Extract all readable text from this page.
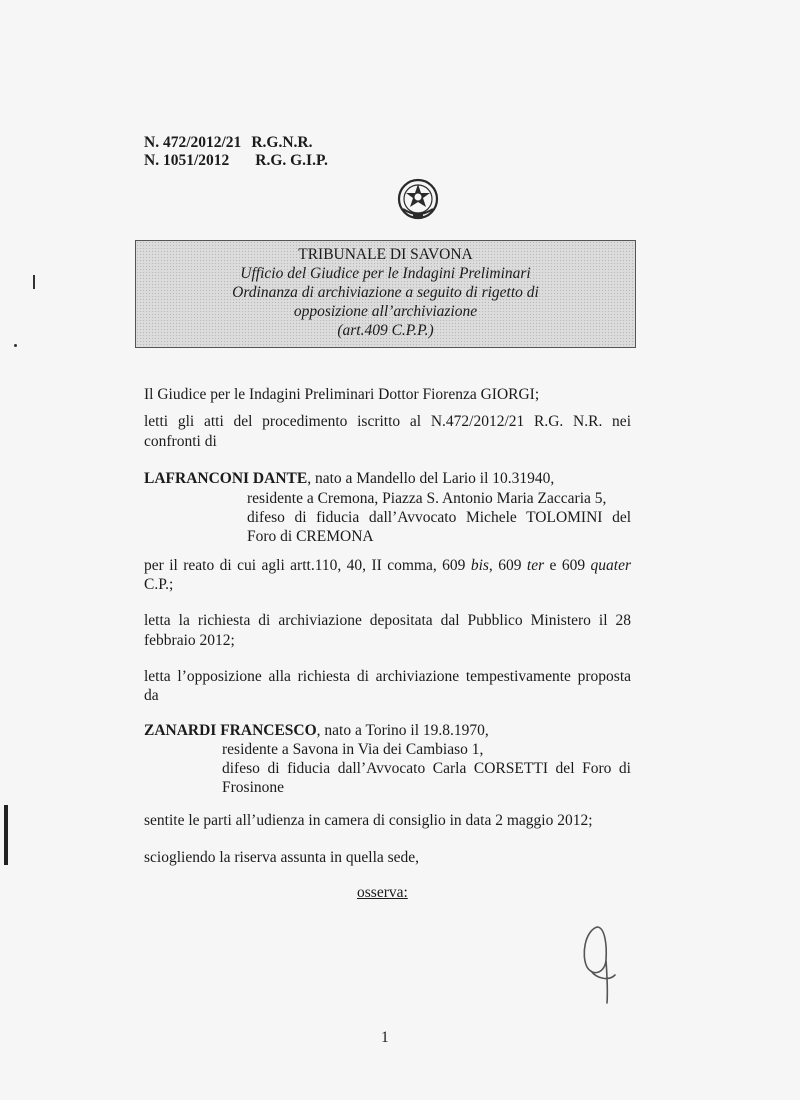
N. 472/2012/21 R.G.N.R.
N. 1051/2012 R.G. G.I.P.
TRIBUNALE DI SAVONA
Ufficio del Giudice per le Indagini Preliminari
Ordinanza di archiviazione a seguito di rigetto di
opposizione all’archiviazione
(art.409 C.P.P.)
Il Giudice per le Indagini Preliminari Dottor Fiorenza GIORGI;
letti gli atti del procedimento iscritto al N.472/2012/21 R.G. N.R. nei
confronti di
LAFRANCONI DANTE, nato a Mandello del Lario il 10.31940,
residente a Cremona, Piazza S. Antonio Maria Zaccaria 5,
difeso di fiducia dall’Avvocato Michele TOLOMINI del
Foro di CREMONA
per il reato di cui agli artt.110, 40, II comma, 609 bis, 609 ter e 609 quater
C.P.;
letta la richiesta di archiviazione depositata dal Pubblico Ministero il 28
febbraio 2012;
letta l’opposizione alla richiesta di archiviazione tempestivamente proposta
da
ZANARDI FRANCESCO, nato a Torino il 19.8.1970,
residente a Savona in Via dei Cambiaso 1,
difeso di fiducia dall’Avvocato Carla CORSETTI del Foro di
Frosinone
sentite le parti all’udienza in camera di consiglio in data 2 maggio 2012;
sciogliendo la riserva assunta in quella sede,
osserva:
1
